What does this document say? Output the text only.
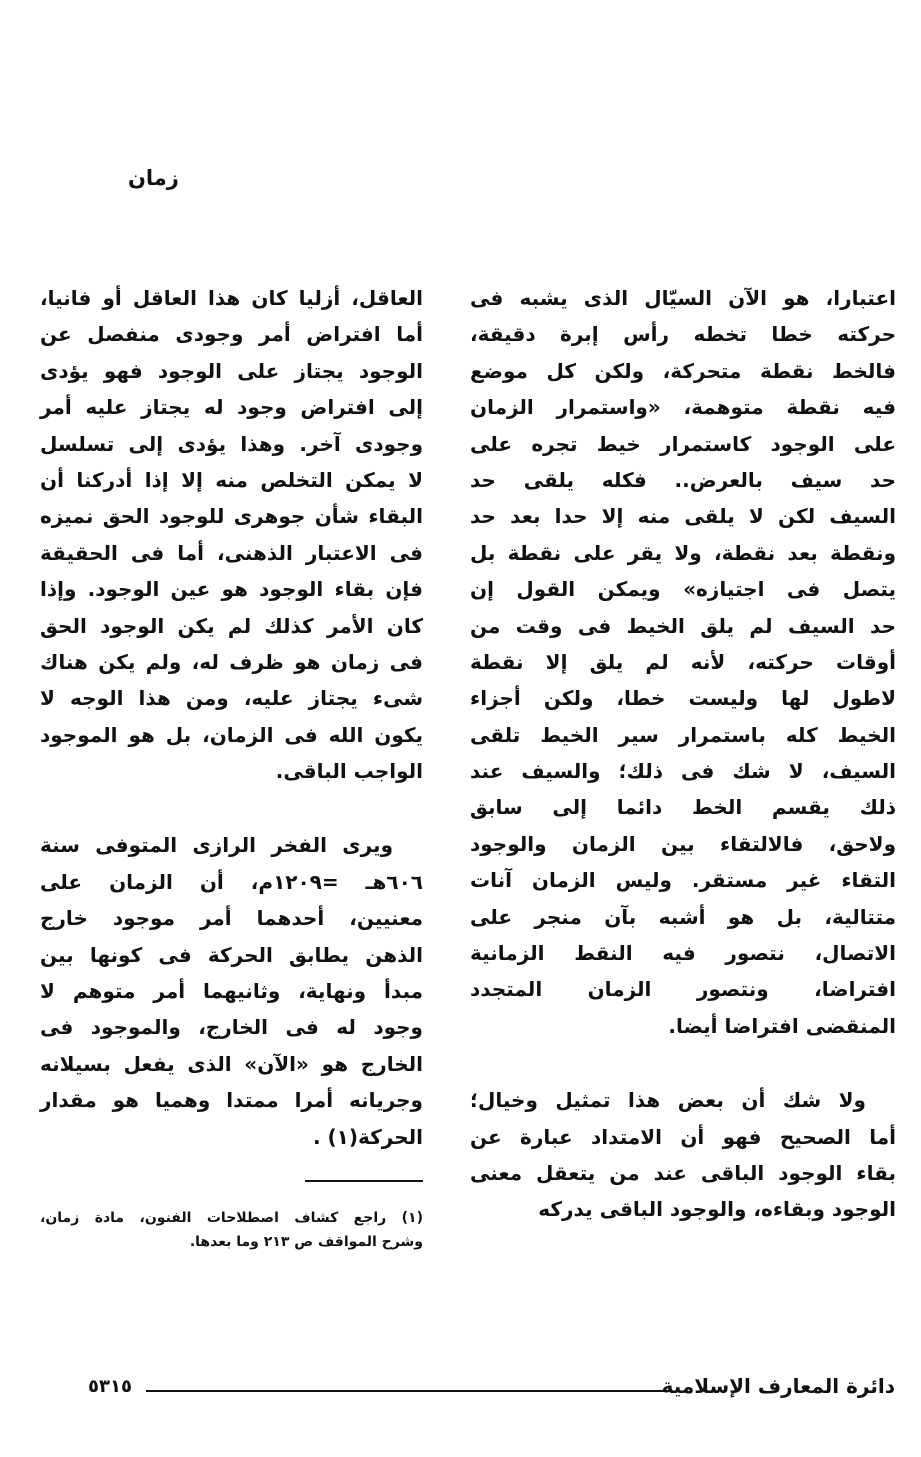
زمان
اعتبارا، هو الآن السيّال الذى يشبه فى
حركته خطا تخطه رأس إبرة دقيقة،
فالخط نقطة متحركة، ولكن كل موضع
فيه نقطة متوهمة، «واستمرار الزمان
على الوجود كاستمرار خيط تجره على
حد سيف بالعرض.. فكله يلقى حد
السيف لكن لا يلقى منه إلا حدا بعد حد
ونقطة بعد نقطة، ولا يقر على نقطة بل
يتصل فى اجتيازه» ويمكن القول إن
حد السيف لم يلق الخيط فى وقت من
أوقات حركته، لأنه لم يلق إلا نقطة
لاطول لها وليست خطا، ولكن أجزاء
الخيط كله باستمرار سير الخيط تلقى
السيف، لا شك فى ذلك؛ والسيف عند
ذلك يقسم الخط دائما إلى سابق
ولاحق، فالالتقاء بين الزمان والوجود
التقاء غير مستقر. وليس الزمان آنات
متتالية، بل هو أشبه بآن منجر على
الاتصال، نتصور فيه النقط الزمانية
افتراضا، ونتصور الزمان المتجدد
المنقضى افتراضا أيضا.
ولا شك أن بعض هذا تمثيل وخيال؛
أما الصحيح فهو أن الامتداد عبارة عن
بقاء الوجود الباقى عند من يتعقل معنى
الوجود وبقاءه، والوجود الباقى يدركه
العاقل، أزليا كان هذا العاقل أو فانيا،
أما افتراض أمر وجودى منفصل عن
الوجود يجتاز على الوجود فهو يؤدى
إلى افتراض وجود له يجتاز عليه أمر
وجودى آخر. وهذا يؤدى إلى تسلسل
لا يمكن التخلص منه إلا إذا أدركنا أن
البقاء شأن جوهرى للوجود الحق نميزه
فى الاعتبار الذهنى، أما فى الحقيقة
فإن بقاء الوجود هو عين الوجود. وإذا
كان الأمر كذلك لم يكن الوجود الحق
فى زمان هو ظرف له، ولم يكن هناك
شىء يجتاز عليه، ومن هذا الوجه لا
يكون الله فى الزمان، بل هو الموجود
الواجب الباقى.
ويرى الفخر الرازى المتوفى سنة
٦٠٦هـ =١٢٠٩م، أن الزمان على
معنيين، أحدهما أمر موجود خارج
الذهن يطابق الحركة فى كونها بين
مبدأ ونهاية، وثانيهما أمر متوهم لا
وجود له فى الخارج، والموجود فى
الخارج هو «الآن» الذى يفعل بسيلانه
وجريانه أمرا ممتدا وهميا هو مقدار
الحركة(١) .
(١) راجع كشاف اصطلاحات الفنون، مادة زمان،
وشرح المواقف ص ٢١٣ وما بعدها.
دائرة المعارف الإسلامية
٥٣١٥
